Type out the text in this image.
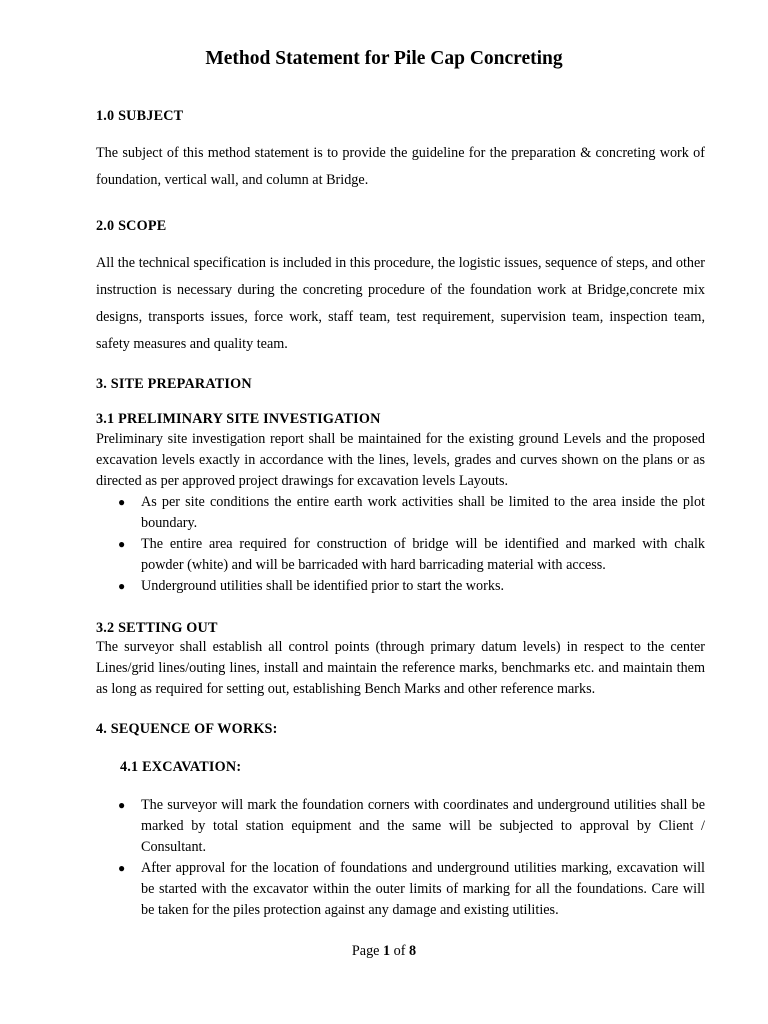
Method Statement for Pile Cap Concreting
1.0 SUBJECT

The subject of this method statement is to provide the guideline for the preparation & concreting work of foundation, vertical wall, and column at Bridge.

2.0 SCOPE

All the technical specification is included in this procedure, the logistic issues, sequence of steps, and other instruction is necessary during the concreting procedure of the foundation work at Bridge,concrete mix designs, transports issues, force work, staff team, test requirement, supervision team, inspection team, safety measures and quality team.

3. SITE PREPARATION
3.1 PRELIMINARY SITE INVESTIGATION

Preliminary site investigation report shall be maintained for the existing ground Levels and the proposed excavation levels exactly in accordance with the lines, levels, grades and curves shown on the plans or as directed as per approved project drawings for excavation levels Layouts.

● As per site conditions the entire earth work activities shall be limited to the area inside the plot boundary.
● The entire area required for construction of bridge will be identified and marked with chalk powder (white) and will be barricaded with hard barricading material with access.
● Underground utilities shall be identified prior to start the works.
3.2 SETTING OUT

The surveyor shall establish all control points (through primary datum levels) in respect to the center Lines/grid lines/outing lines, install and maintain the reference marks, benchmarks etc. and maintain them as long as required for setting out, establishing Bench Marks and other reference marks.

4. SEQUENCE OF WORKS:
4.1 EXCAVATION:
● The surveyor will mark the foundation corners with coordinates and underground utilities shall be marked by total station equipment and the same will be subjected to approval by Client / Consultant.
● After approval for the location of foundations and underground utilities marking, excavation will be started with the excavator within the outer limits of marking for all the foundations. Care will be taken for the piles protection against any damage and existing utilities.
Page 1 of 8
